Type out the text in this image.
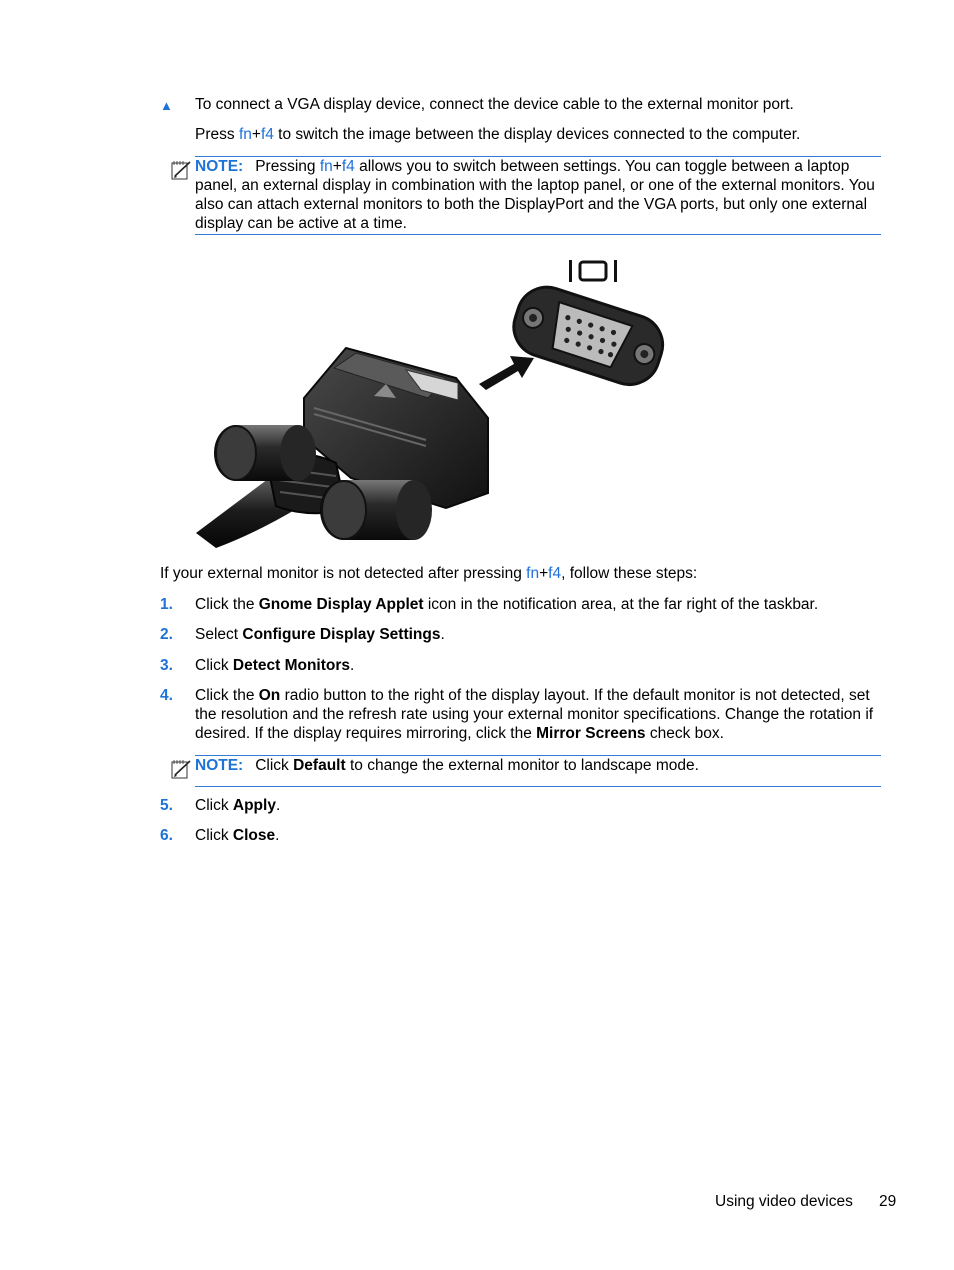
▲	To connect a VGA display device, connect the device cable to the external monitor port.
Press fn+f4 to switch the image between the display devices connected to the computer.
NOTE: Pressing fn+f4 allows you to switch between settings. You can toggle between a laptop panel, an external display in combination with the laptop panel, or one of the external monitors. You also can attach external monitors to both the DisplayPort and the VGA ports, but only one external display can be active at a time.
If your external monitor is not detected after pressing fn+f4, follow these steps:
1.	Click the Gnome Display Applet icon in the notification area, at the far right of the taskbar.
2.	Select Configure Display Settings.
3.	Click Detect Monitors.
4.	Click the On radio button to the right of the display layout. If the default monitor is not detected, set the resolution and the refresh rate using your external monitor specifications. Change the rotation if desired. If the display requires mirroring, click the Mirror Screens check box.
NOTE: Click Default to change the external monitor to landscape mode.
5.	Click Apply.
6.	Click Close.
Using video devices 29
